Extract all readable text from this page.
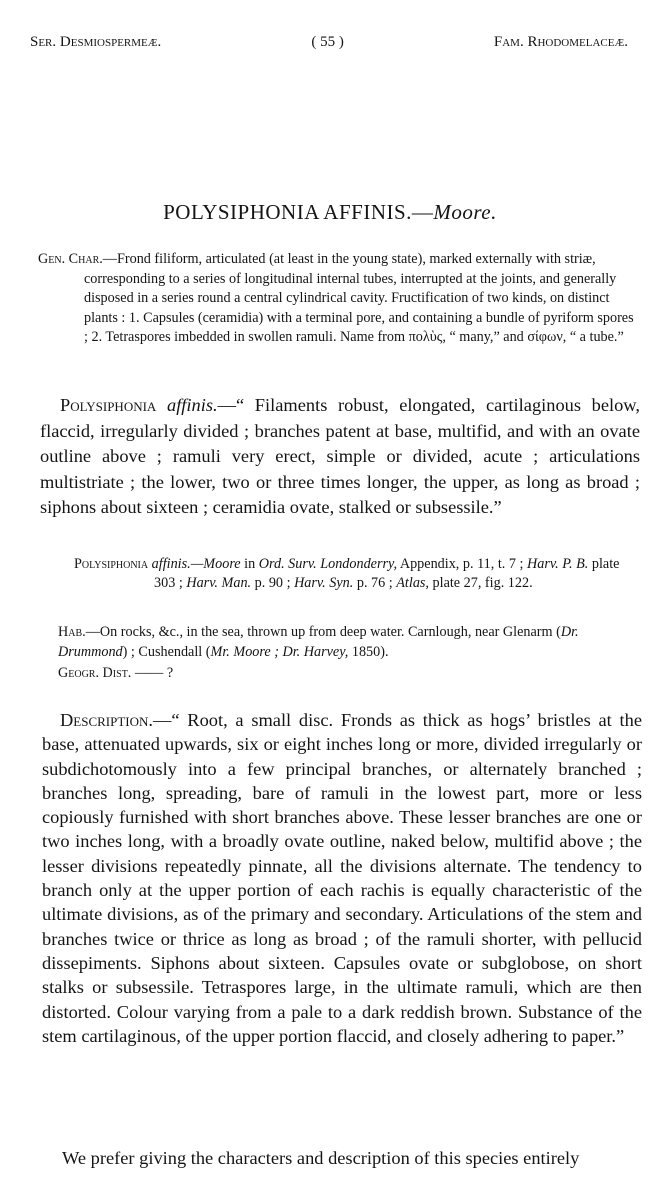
Ser. Desmiospermeæ.	( 55 )	Fam. Rhodomelaceæ.
POLYSIPHONIA AFFINIS.—Moore.

Gen. Char.—Frond filiform, articulated (at least in the young state), marked externally with striæ, corresponding to a series of longitudinal internal tubes, interrupted at the joints, and generally disposed in a series round a central cylindrical cavity. Fructification of two kinds, on distinct plants : 1. Capsules (ceramidia) with a terminal pore, and containing a bundle of pyriform spores ; 2. Tetraspores imbedded in swollen ramuli. Name from πολὺς, “ many,” and σίφων, “ a tube.”

Polysiphonia affinis.—“ Filaments robust, elongated, cartilaginous below, flaccid, irregularly divided ; branches patent at base, multifid, and with an ovate outline above ; ramuli very erect, simple or divided, acute ; articulations multistriate ; the lower, two or three times longer, the upper, as long as broad ; siphons about sixteen ; ceramidia ovate, stalked or subsessile.”

Polysiphonia affinis.—Moore in Ord. Surv. Londonderry, Appendix, p. 11, t. 7 ; Harv. P. B. plate 303 ; Harv. Man. p. 90 ; Harv. Syn. p. 76 ; Atlas, plate 27, fig. 122.

Hab.—On rocks, &c., in the sea, thrown up from deep water. Carnlough, near Glenarm (Dr. Drummond) ; Cushendall (Mr. Moore ; Dr. Harvey, 1850).

Geogr. Dist. —— ?

Description.—“ Root, a small disc. Fronds as thick as hogs’ bristles at the base, attenuated upwards, six or eight inches long or more, divided irregularly or subdichotomously into a few principal branches, or alternately branched ; branches long, spreading, bare of ramuli in the lowest part, more or less copiously furnished with short branches above. These lesser branches are one or two inches long, with a broadly ovate outline, naked below, multifid above ; the lesser divisions repeatedly pinnate, all the divisions alternate. The tendency to branch only at the upper portion of each rachis is equally characteristic of the ultimate divisions, as of the primary and secondary. Articulations of the stem and branches twice or thrice as long as broad ; of the ramuli shorter, with pellucid dissepiments. Siphons about sixteen. Capsules ovate or subglobose, on short stalks or subsessile. Tetraspores large, in the ultimate ramuli, which are then distorted. Colour varying from a pale to a dark reddish brown. Substance of the stem cartilaginous, of the upper portion flaccid, and closely adhering to paper.”

We prefer giving the characters and description of this species entirely
